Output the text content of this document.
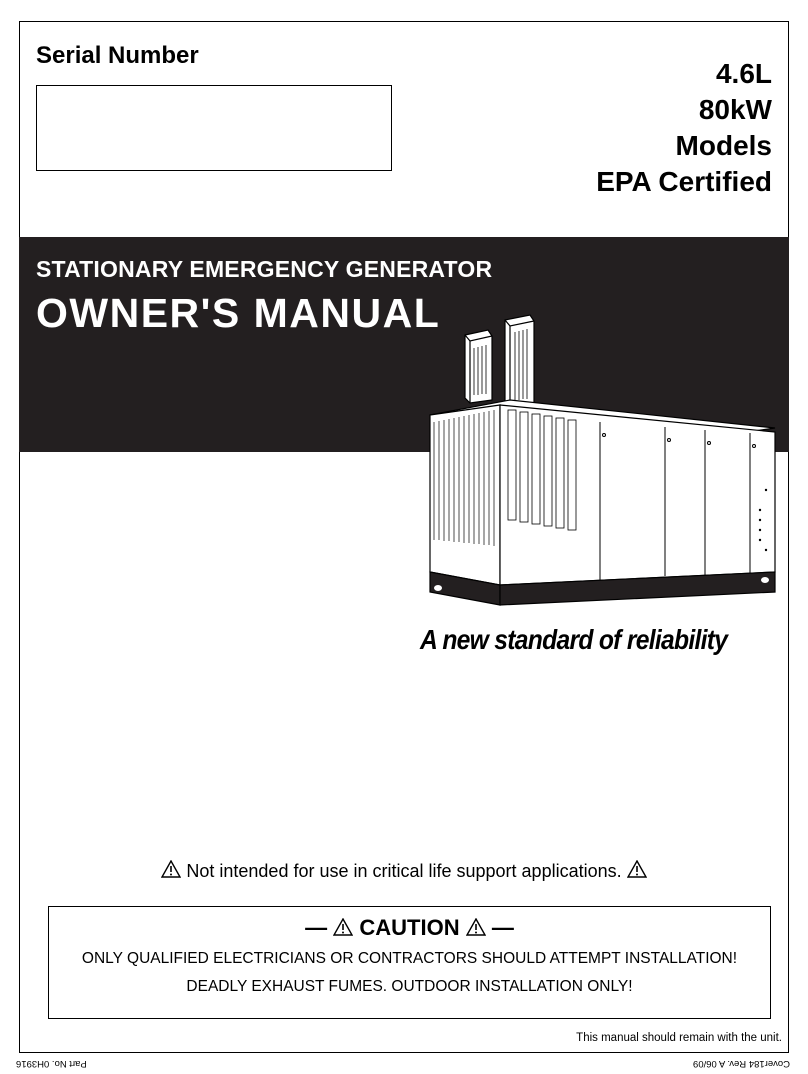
Serial Number
4.6L
80kW
Models
EPA Certified
STATIONARY EMERGENCY GENERATOR
OWNER'S MANUAL
A new standard of reliability
Not intended for use in critical life support applications.
—  CAUTION  —
ONLY QUALIFIED ELECTRICIANS OR CONTRACTORS SHOULD ATTEMPT INSTALLATION!
DEADLY EXHAUST FUMES. OUTDOOR INSTALLATION ONLY!
This manual should remain with the unit.
Part No. 0H3916	Cover184 Rev. A 06/09
